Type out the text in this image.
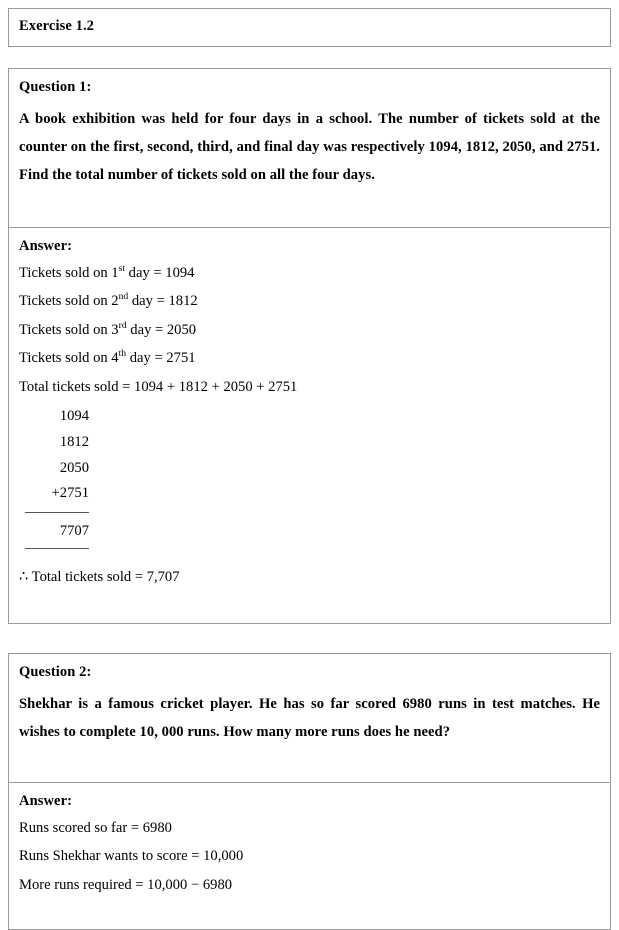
Exercise 1.2
Question 1:
A book exhibition was held for four days in a school. The number of tickets sold at the counter on the first, second, third, and final day was respectively 1094, 1812, 2050, and 2751. Find the total number of tickets sold on all the four days.
Answer:
Tickets sold on 1st day = 1094
Tickets sold on 2nd day = 1812
Tickets sold on 3rd day = 2050
Tickets sold on 4th day = 2751
Total tickets sold = 1094 + 1812 + 2050 + 2751
1094
1812
2050
+2751
7707
∴ Total tickets sold = 7,707
Question 2:
Shekhar is a famous cricket player. He has so far scored 6980 runs in test matches. He wishes to complete 10, 000 runs. How many more runs does he need?
Answer:
Runs scored so far = 6980
Runs Shekhar wants to score = 10,000
More runs required = 10,000 − 6980
